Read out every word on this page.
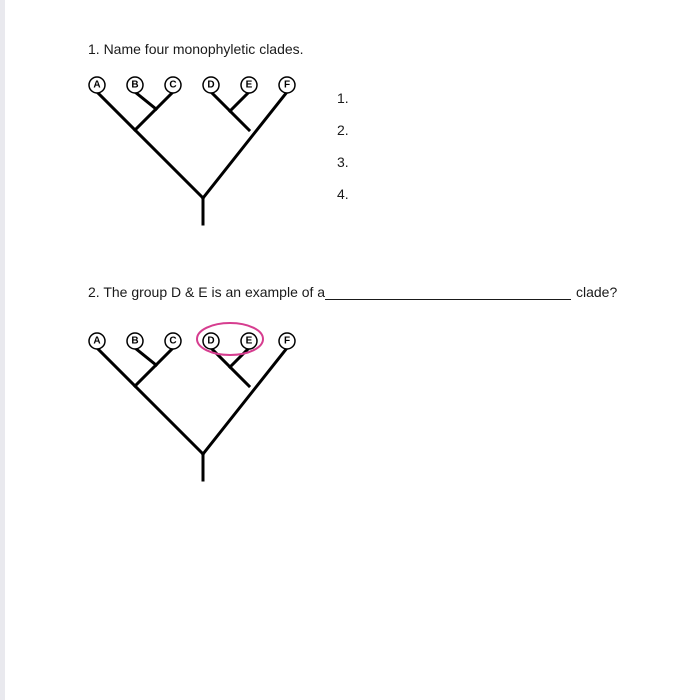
1. Name four monophyletic clades.
A	B	C	D	E	F
1.
2.
3.
4.
2. The group D & E is an example of a	clade?
A	B	C	D	E	F
